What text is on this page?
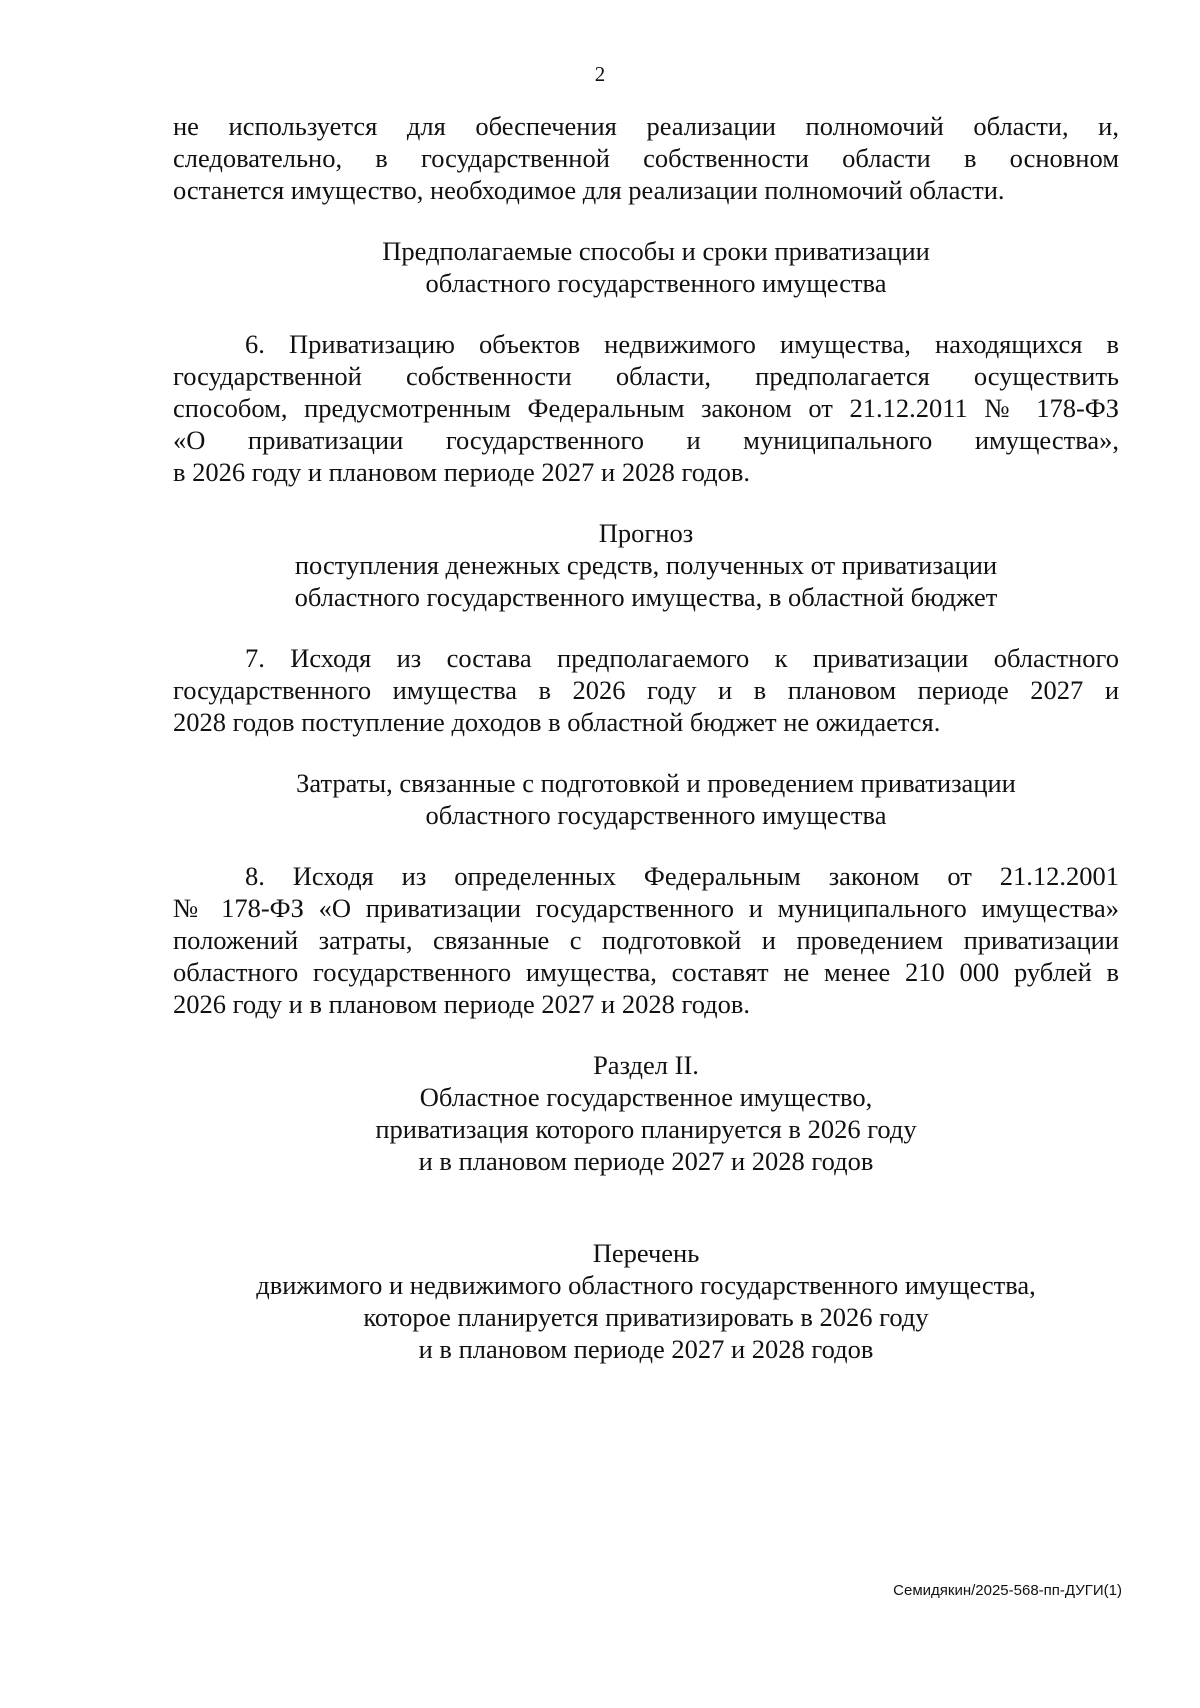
2

не используется для обеспечения реализации полномочий области, и,
следовательно, в государственной собственности области в основном
останется имущество, необходимое для реализации полномочий области.

Предполагаемые способы и сроки приватизации
областного государственного имущества

6. Приватизацию объектов недвижимого имущества, находящихся в
государственной собственности области, предполагается осуществить
способом, предусмотренным Федеральным законом от 21.12.2011 № 178-ФЗ
«О приватизации государственного и муниципального имущества»,
в 2026 году и плановом периоде 2027 и 2028 годов.

Прогноз
поступления денежных средств, полученных от приватизации
областного государственного имущества, в областной бюджет

7. Исходя из состава предполагаемого к приватизации областного
государственного имущества в 2026 году и в плановом периоде 2027 и
2028 годов поступление доходов в областной бюджет не ожидается.

Затраты, связанные с подготовкой и проведением приватизации
областного государственного имущества

8. Исходя из определенных Федеральным законом от 21.12.2001
№ 178-ФЗ «О приватизации государственного и муниципального имущества»
положений затраты, связанные с подготовкой и проведением приватизации
областного государственного имущества, составят не менее 210 000 рублей в
2026 году и в плановом периоде 2027 и 2028 годов.

Раздел II.
Областное государственное имущество,
приватизация которого планируется в 2026 году
и в плановом периоде 2027 и 2028 годов
Перечень
движимого и недвижимого областного государственного имущества,
которое планируется приватизировать в 2026 году
и в плановом периоде 2027 и 2028 годов
Семидякин/2025-568-пп-ДУГИ(1)
